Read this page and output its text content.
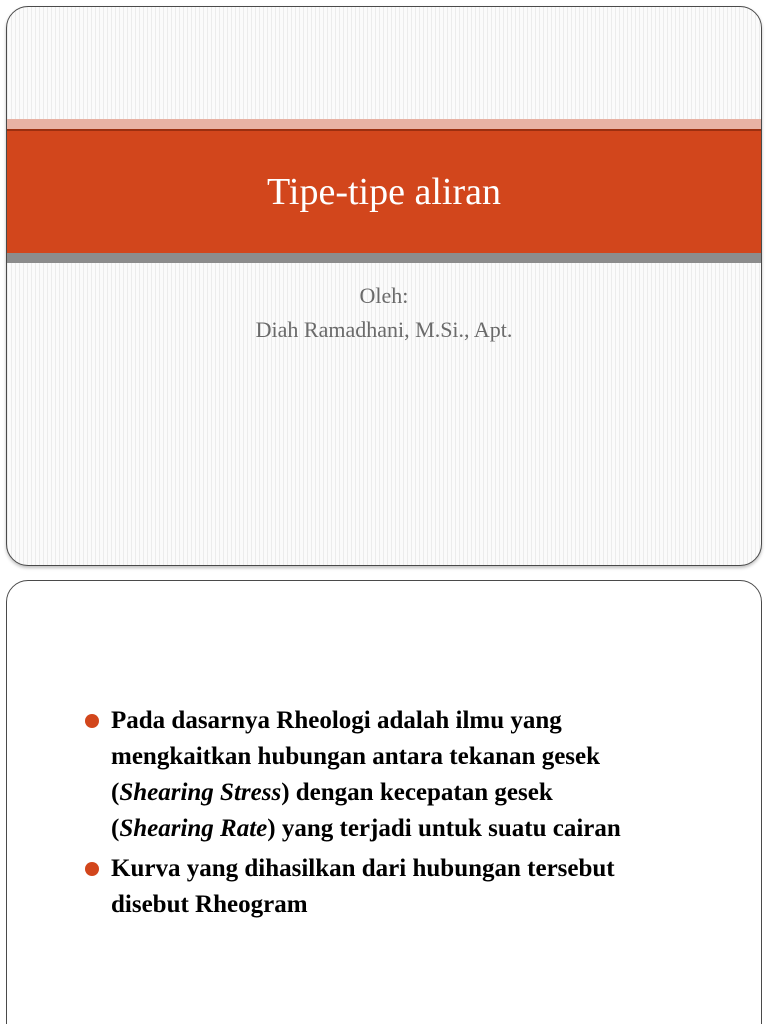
Tipe-tipe aliran
Oleh:
Diah Ramadhani, M.Si., Apt.
Pada dasarnya Rheologi adalah ilmu yang
mengkaitkan hubungan antara tekanan gesek
(Shearing Stress) dengan kecepatan gesek
(Shearing Rate) yang terjadi untuk suatu cairan
Kurva yang dihasilkan dari hubungan tersebut
disebut Rheogram
